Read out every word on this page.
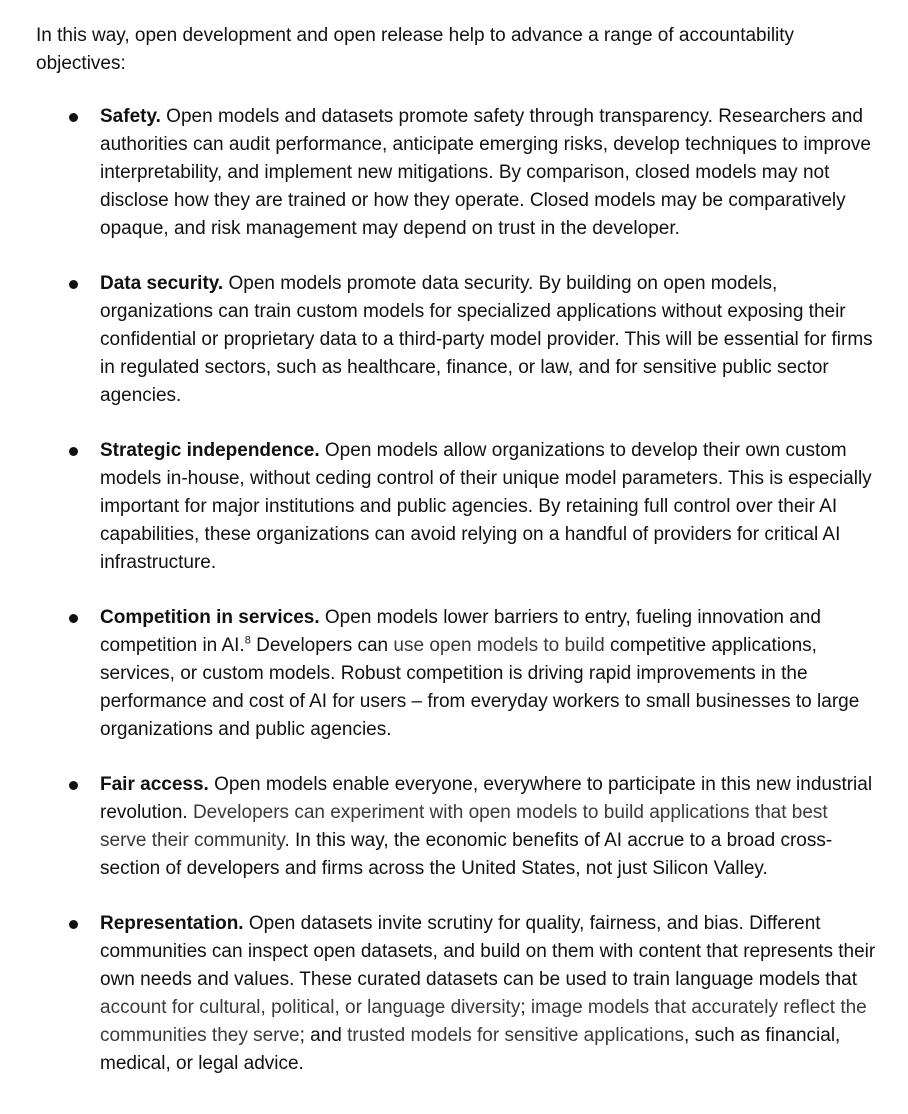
In this way, open development and open release help to advance a range of accountability objectives:

Safety. Open models and datasets promote safety through transparency. Researchers and authorities can audit performance, anticipate emerging risks, develop techniques to improve interpretability, and implement new mitigations. By comparison, closed models may not disclose how they are trained or how they operate. Closed models may be comparatively opaque, and risk management may depend on trust in the developer.
Data security. Open models promote data security. By building on open models, organizations can train custom models for specialized applications without exposing their confidential or proprietary data to a third-party model provider. This will be essential for firms in regulated sectors, such as healthcare, finance, or law, and for sensitive public sector agencies.
Strategic independence. Open models allow organizations to develop their own custom models in-house, without ceding control of their unique model parameters. This is especially important for major institutions and public agencies. By retaining full control over their AI capabilities, these organizations can avoid relying on a handful of providers for critical AI infrastructure.
Competition in services. Open models lower barriers to entry, fueling innovation and competition in AI.$^8$ Developers can use open models to build competitive applications, services, or custom models. Robust competition is driving rapid improvements in the performance and cost of AI for users – from everyday workers to small businesses to large organizations and public agencies.
Fair access. Open models enable everyone, everywhere to participate in this new industrial revolution. Developers can experiment with open models to build applications that best serve their community. In this way, the economic benefits of AI accrue to a broad cross-section of developers and firms across the United States, not just Silicon Valley.
Representation. Open datasets invite scrutiny for quality, fairness, and bias. Different communities can inspect open datasets, and build on them with content that represents their own needs and values. These curated datasets can be used to train language models that account for cultural, political, or language diversity; image models that accurately reflect the communities they serve; and trusted models for sensitive applications, such as financial, medical, or legal advice.
